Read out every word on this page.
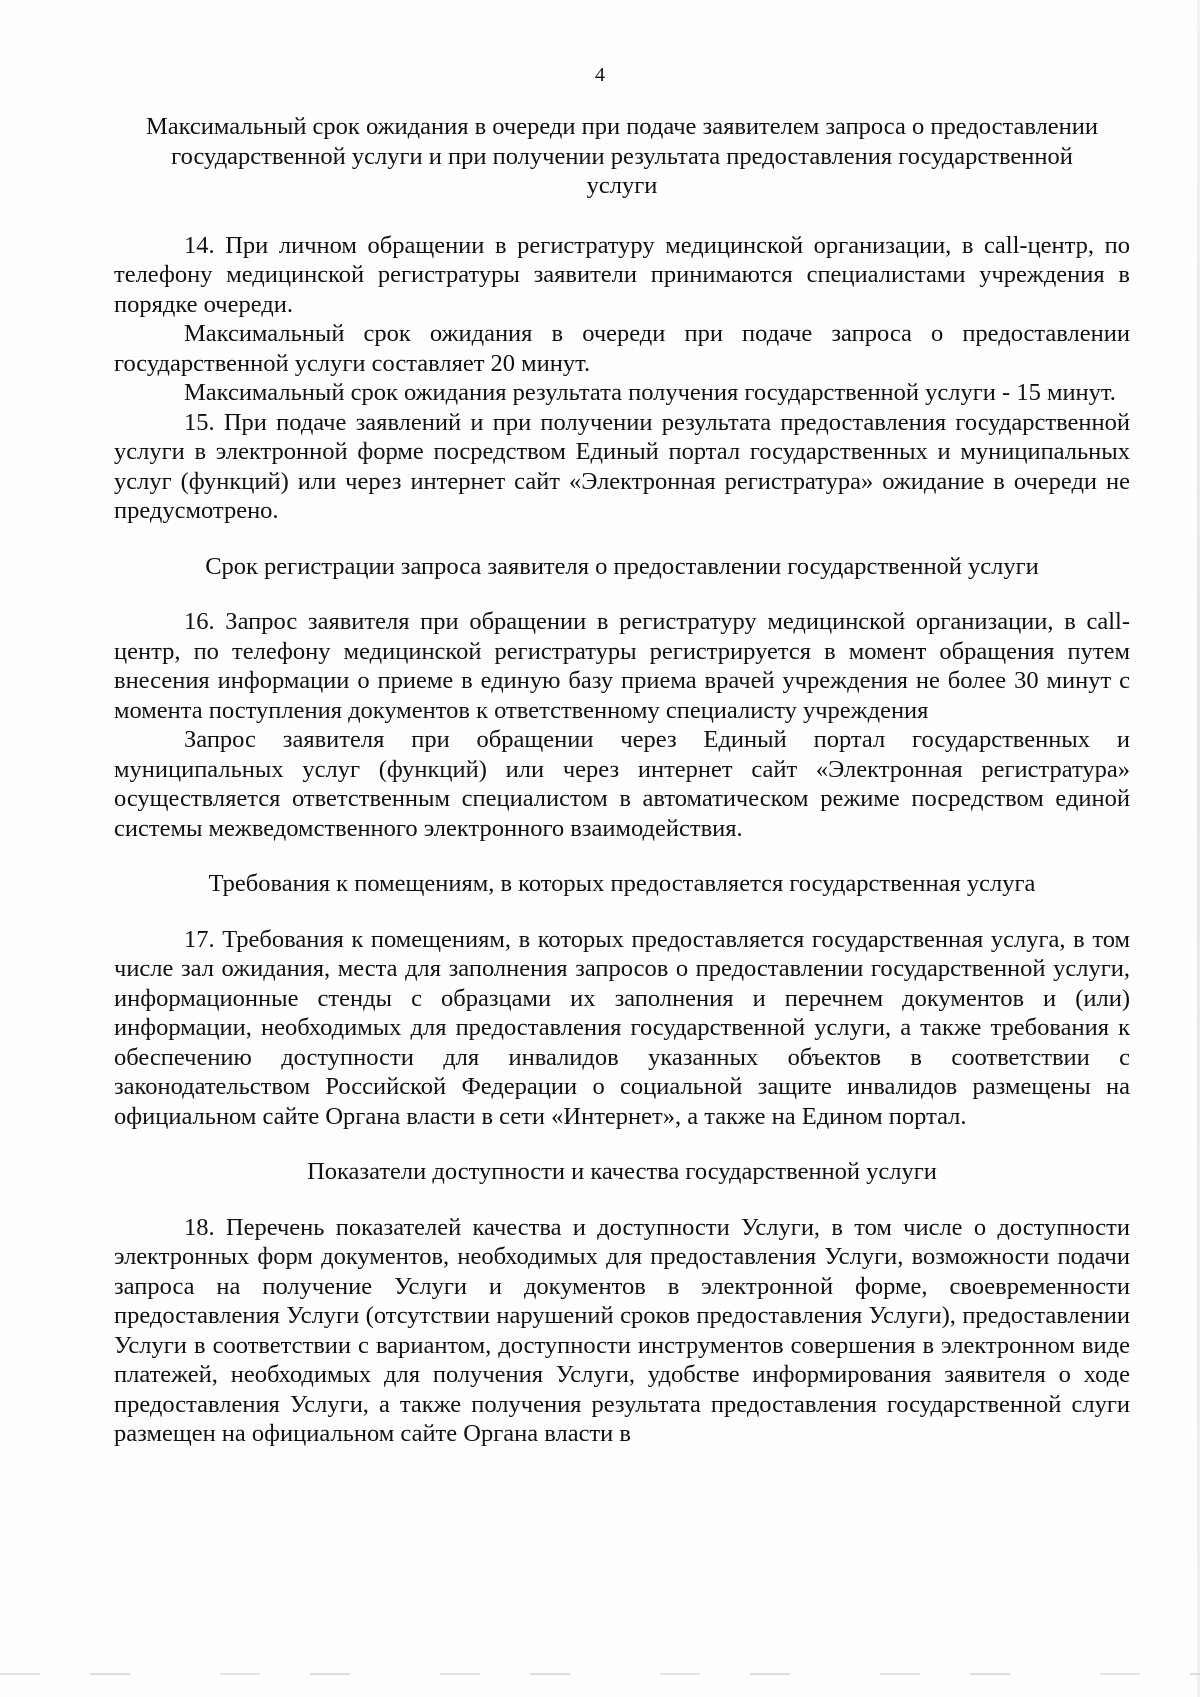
4

Максимальный срок ожидания в очереди при подаче заявителем запроса о предоставлении государственной услуги и при получении результата предоставления государственной услуги

14. При личном обращении в регистратуру медицинской организации, в call-центр, по телефону медицинской регистратуры заявители принимаются специалистами учреждения в порядке очереди.

Максимальный срок ожидания в очереди при подаче запроса о предоставлении государственной услуги составляет 20 минут.

Максимальный срок ожидания результата получения государственной услуги - 15 минут.

15. При подаче заявлений и при получении результата предоставления государственной услуги в электронной форме посредством Единый портал государственных и муниципальных услуг (функций) или через интернет сайт «Электронная регистратура» ожидание в очереди не предусмотрено.

Срок регистрации запроса заявителя о предоставлении государственной услуги

16. Запрос заявителя при обращении в регистратуру медицинской организации, в call-центр, по телефону медицинской регистратуры регистрируется в момент обращения путем внесения информации о приеме в единую базу приема врачей учреждения не более 30 минут с момента поступления документов к ответственному специалисту учреждения

Запрос заявителя при обращении через Единый портал государственных и муниципальных услуг (функций) или через интернет сайт «Электронная регистратура» осуществляется ответственным специалистом в автоматическом режиме посредством единой системы межведомственного электронного взаимодействия.

Требования к помещениям, в которых предоставляется государственная услуга

17. Требования к помещениям, в которых предоставляется государственная услуга, в том числе зал ожидания, места для заполнения запросов о предоставлении государственной услуги, информационные стенды с образцами их заполнения и перечнем документов и (или) информации, необходимых для предоставления государственной услуги, а также требования к обеспечению доступности для инвалидов указанных объектов в соответствии с законодательством Российской Федерации о социальной защите инвалидов размещены на официальном сайте Органа власти в сети «Интернет», а также на Едином портал.

Показатели доступности и качества государственной услуги

18. Перечень показателей качества и доступности Услуги, в том числе о доступности электронных форм документов, необходимых для предоставления Услуги, возможности подачи запроса на получение Услуги и документов в электронной форме, своевременности предоставления Услуги (отсутствии нарушений сроков предоставления Услуги), предоставлении Услуги в соответствии с вариантом, доступности инструментов совершения в электронном виде платежей, необходимых для получения Услуги, удобстве информирования заявителя о ходе предоставления Услуги, а также получения результата предоставления государственной слуги размещен на официальном сайте Органа власти в
